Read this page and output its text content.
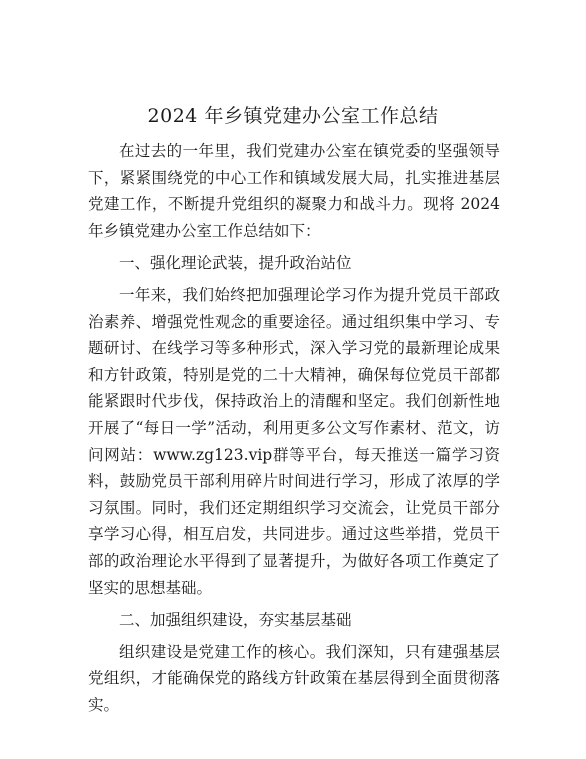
2024 年乡镇党建办公室工作总结

在过去的一年里，我们党建办公室在镇党委的坚强领导下，紧紧围绕党的中心工作和镇域发展大局，扎实推进基层党建工作，不断提升党组织的凝聚力和战斗力。现将 2024 年乡镇党建办公室工作总结如下：

一、强化理论武装，提升政治站位

一年来，我们始终把加强理论学习作为提升党员干部政治素养、增强党性观念的重要途径。通过组织集中学习、专题研讨、在线学习等多种形式，深入学习党的最新理论成果和方针政策，特别是党的二十大精神，确保每位党员干部都能紧跟时代步伐，保持政治上的清醒和坚定。我们创新性地开展了“每日一学”活动，利用更多公文写作素材、范文，访问网站：www.zg123.vip群等平台，每天推送一篇学习资料，鼓励党员干部利用碎片时间进行学习，形成了浓厚的学习氛围。同时，我们还定期组织学习交流会，让党员干部分享学习心得，相互启发，共同进步。通过这些举措，党员干部的政治理论水平得到了显著提升，为做好各项工作奠定了坚实的思想基础。

二、加强组织建设，夯实基层基础

组织建设是党建工作的核心。我们深知，只有建强基层党组织，才能确保党的路线方针政策在基层得到全面贯彻落实。
